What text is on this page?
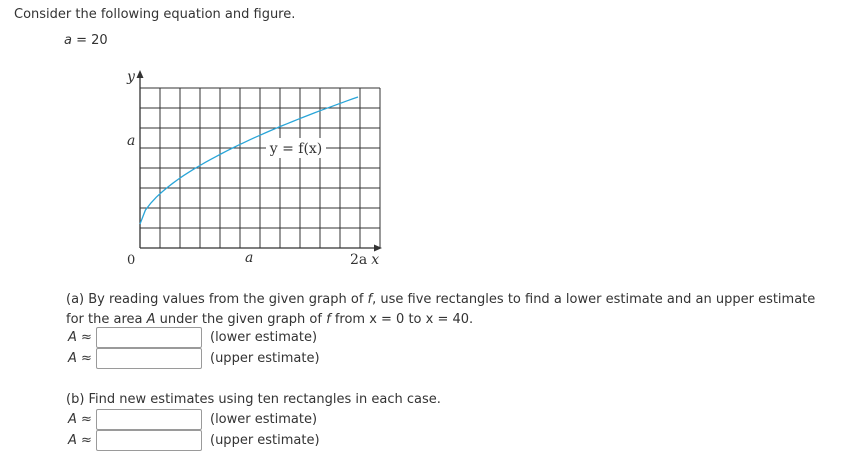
Consider the following equation and figure.
a = 20
y = f(x)
y
a
0	a	2a x
(a) By reading values from the given graph of f, use five rectangles to find a lower estimate and an upper estimate
for the area A under the given graph of f from x = 0 to x = 40.
A ≈	(lower estimate)
A ≈	(upper estimate)
(b) Find new estimates using ten rectangles in each case.
A ≈	(lower estimate)
A ≈	(upper estimate)
